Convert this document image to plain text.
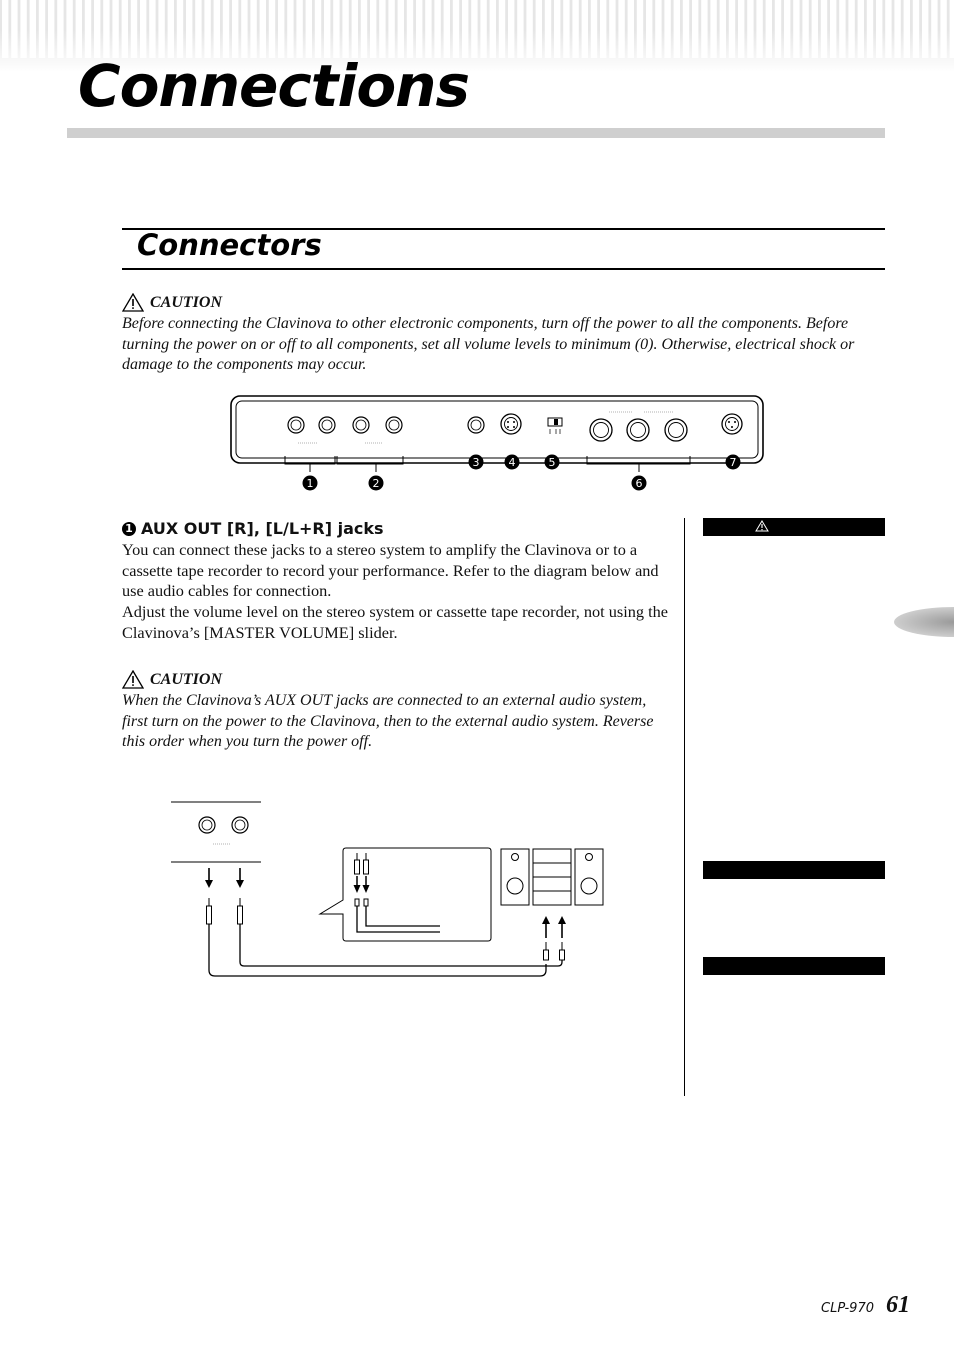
Connections
Connectors
CAUTION

Before connecting the Clavinova to other electronic components, turn off the power to all the components. Before turning the power on or off to all components, set all volume levels to minimum (0). Otherwise, electrical shock or damage to the components may occur.

1	2
3	4	5
6
7
1 AUX OUT [R], [L/L+R] jacks

You can connect these jacks to a stereo system to amplify the Clavinova or to a cassette tape recorder to record your performance. Refer to the diagram below and use audio cables for connection.

Adjust the volume level on the stereo system or cassette tape recorder, not using the Clavinova’s [MASTER VOLUME] slider.

CAUTION

When the Clavinova’s AUX OUT jacks are connected to an external audio system, first turn on the power to the Clavinova, then to the external audio system. Reverse this order when you turn the power off.

CLP-970 61
